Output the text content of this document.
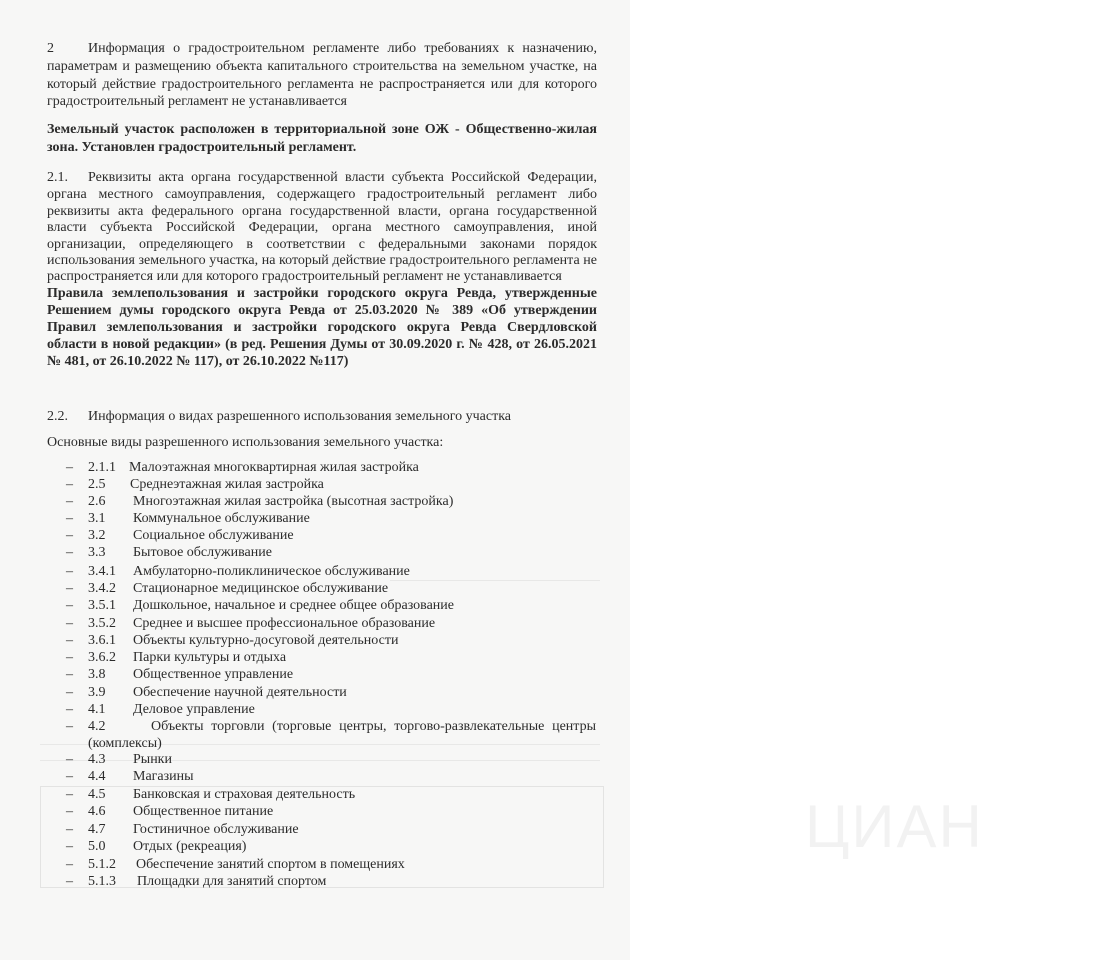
2 Информация о градостроительном регламенте либо требованиях к назначению,
параметрам и размещению объекта капитального строительства на земельном участке, на
который действие градостроительного регламента не распространяется или для которого
градостроительный регламент не устанавливается
Земельный участок расположен в территориальной зоне ОЖ - Общественно-жилая
зона. Установлен градостроительный регламент.
2.1. Реквизиты акта органа государственной власти субъекта Российской Федерации,
органа местного самоуправления, содержащего градостроительный регламент либо
реквизиты акта федерального органа государственной власти, органа государственной
власти субъекта Российской Федерации, органа местного самоуправления, иной
организации, определяющего в соответствии с федеральными законами порядок
использования земельного участка, на который действие градостроительного регламента не
распространяется или для которого градостроительный регламент не устанавливается
Правила землепользования и застройки городского округа Ревда, утвержденные
Решением думы городского округа Ревда от 25.03.2020 № 389 «Об утверждении
Правил землепользования и застройки городского округа Ревда Свердловской
области в новой редакции» (в ред. Решения Думы от 30.09.2020 г. № 428, от 26.05.2021
№ 481, от 26.10.2022 № 117), от 26.10.2022 №117)
2.2. Информация о видах разрешенного использования земельного участка
Основные виды разрешенного использования земельного участка:
– 2.1.1 Малоэтажная многоквартирная жилая застройка
– 2.5 Среднеэтажная жилая застройка
– 2.6 Многоэтажная жилая застройка (высотная застройка)
– 3.1 Коммунальное обслуживание
– 3.2 Социальное обслуживание
– 3.3 Бытовое обслуживание
– 3.4.1 Амбулаторно-поликлиническое обслуживание
– 3.4.2 Стационарное медицинское обслуживание
– 3.5.1 Дошкольное, начальное и среднее общее образование
– 3.5.2 Среднее и высшее профессиональное образование
– 3.6.1 Объекты культурно-досуговой деятельности
– 3.6.2 Парки культуры и отдыха
– 3.8 Общественное управление
– 3.9 Обеспечение научной деятельности
– 4.1 Деловое управление
– 4.2	Объекты торговли (торговые центры, торгово-развлекательные центры (комплексы)
– 4.3 Рынки
– 4.4 Магазины
– 4.5 Банковская и страховая деятельность
– 4.6 Общественное питание
– 4.7 Гостиничное обслуживание
– 5.0 Отдых (рекреация)
– 5.1.2 Обеспечение занятий спортом в помещениях
– 5.1.3 Площадки для занятий спортом
ЦИАН
